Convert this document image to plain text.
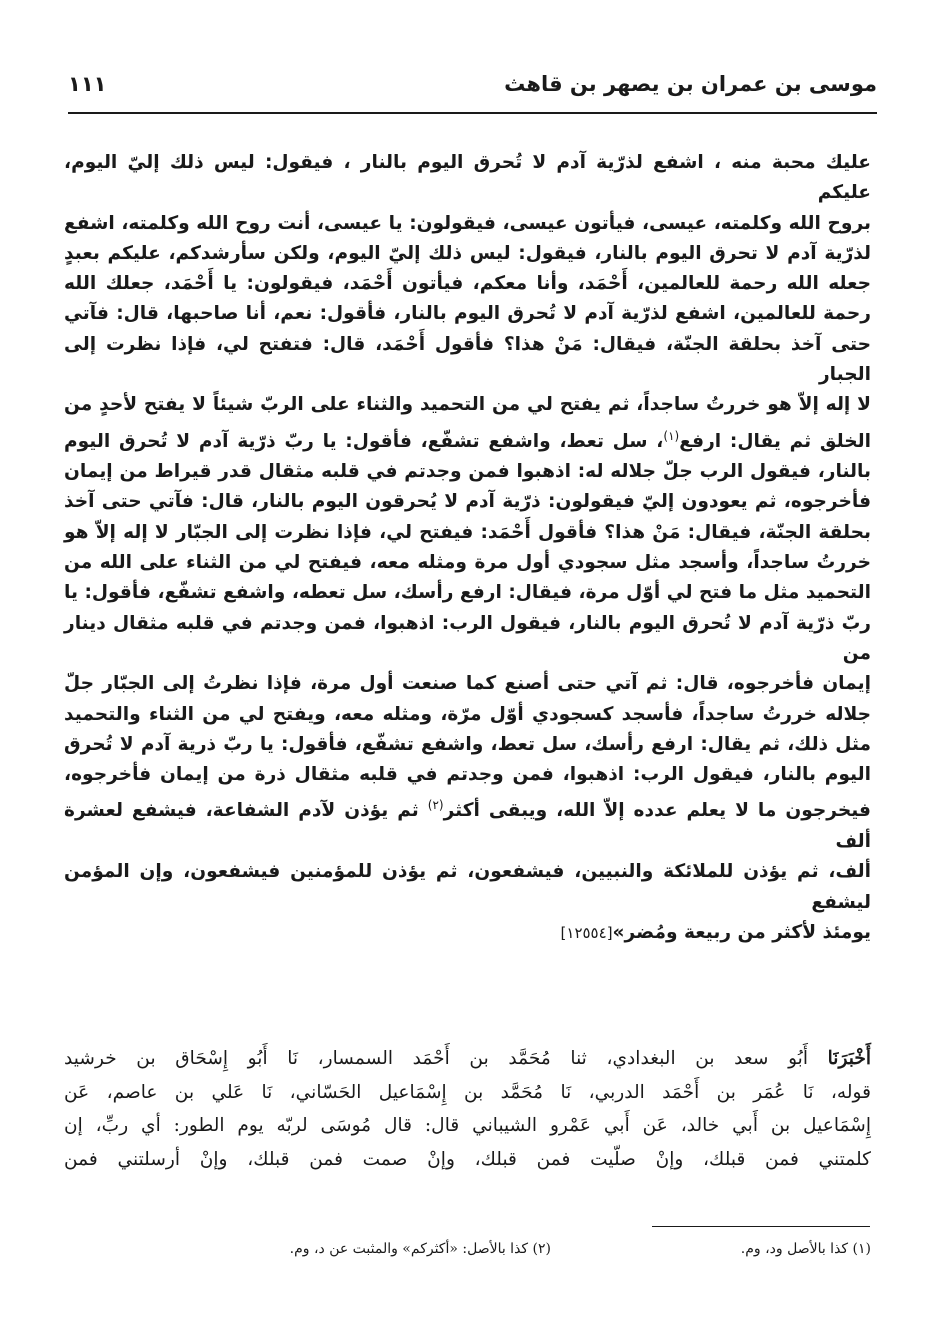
موسى بن عمران بن يصهر بن قاهث
١١١

عليك محبة منه ، اشفع لذرّية آدم لا تُحرق اليوم بالنار ، فيقول: ليس ذلك إليّ اليوم، عليكم

بروح الله وكلمته، عيسى، فيأتون عيسى، فيقولون: يا عيسى، أنت روح الله وكلمته، اشفع

لذرّية آدم لا تحرق اليوم بالنار، فيقول: ليس ذلك إليّ اليوم، ولكن سأرشدكم، عليكم بعبدٍ

جعله الله رحمة للعالمين، أَحْمَد، وأنا معكم، فيأتون أَحْمَد، فيقولون: يا أَحْمَد، جعلك الله

رحمة للعالمين، اشفع لذرّية آدم لا تُحرق اليوم بالنار، فأقول: نعم، أنا صاحبها، قال: فآتي

حتى آخذ بحلقة الجنّة، فيقال: مَنْ هذا؟ فأقول أَحْمَد، قال: فتفتح لي، فإذا نظرت إلى الجبار

لا إله إلاّ هو خررتُ ساجداً، ثم يفتح لي من التحميد والثناء على الربّ شيئاً لا يفتح لأحدٍ من

الخلق ثم يقال: ارفع$^{(١)}$، سل تعط، واشفع تشفّع، فأقول: يا ربّ ذرّية آدم لا تُحرق اليوم

بالنار، فيقول الرب جلّ جلاله له: اذهبوا فمن وجدتم في قلبه مثقال قدر قيراط من إيمان

فأخرجوه، ثم يعودون إليّ فيقولون: ذرّية آدم لا يُحرقون اليوم بالنار، قال: فآتي حتى آخذ

بحلقة الجنّة، فيقال: مَنْ هذا؟ فأقول أَحْمَد: فيفتح لي، فإذا نظرت إلى الجبّار لا إله إلاّ هو

خررتُ ساجداً، وأسجد مثل سجودي أول مرة ومثله معه، فيفتح لي من الثناء على الله من

التحميد مثل ما فتح لي أوّل مرة، فيقال: ارفع رأسك، سل تعطه، واشفع تشفّع، فأقول: يا

ربّ ذرّية آدم لا تُحرق اليوم بالنار، فيقول الرب: اذهبوا، فمن وجدتم في قلبه مثقال دينار من

إيمان فأخرجوه، قال: ثم آتي حتى أصنع كما صنعت أول مرة، فإذا نظرتُ إلى الجبّار جلّ

جلاله خررتُ ساجداً، فأسجد كسجودي أوّل مرّة، ومثله معه، ويفتح لي من الثناء والتحميد

مثل ذلك، ثم يقال: ارفع رأسك، سل تعط، واشفع تشفّع، فأقول: يا ربّ ذرية آدم لا تُحرق

اليوم بالنار، فيقول الرب: اذهبوا، فمن وجدتم في قلبه مثقال ذرة من إيمان فأخرجوه،

فيخرجون ما لا يعلم عدده إلاّ الله، ويبقى أكثر$^{(٢)}$ ثم يؤذن لآدم الشفاعة، فيشفع لعشرة ألف

ألف، ثم يؤذن للملائكة والنبيين، فيشفعون، ثم يؤذن للمؤمنين فيشفعون، وإن المؤمن ليشفع

يومئذ لأكثر من ربيعة ومُضر»[١٢٥٥٤]

أَخْبَرَنَا أَبُو سعد بن البغدادي، ثنا مُحَمَّد بن أَحْمَد السمسار، نَا أَبُو إِسْحَاق بن خرشيد

قوله، نَا عُمَر بن أَحْمَد الدربي، نَا مُحَمَّد بن إِسْمَاعيل الحَسّاني، نَا عَلي بن عاصم، عَن

إِسْمَاعيل بن أَبي خالد، عَن أَبي عَمْرو الشيباني قال: قال مُوسَى لربّه يوم الطور: أي ربِّ، إن

كلمتني فمن قبلك، وإنْ صلّيت فمن قبلك، وإنْ صمت فمن قبلك، وإنْ أرسلتني فمن

(١) كذا بالأصل ود، وم.
(٢) كذا بالأصل: «أكثركم» والمثبت عن د، وم.
